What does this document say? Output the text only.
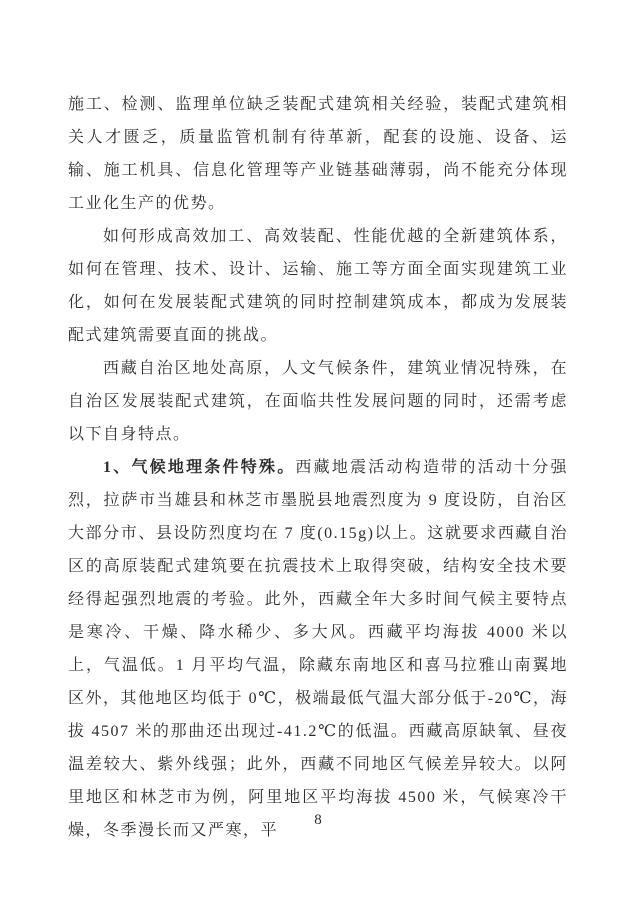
施工、检测、监理单位缺乏装配式建筑相关经验，装配式建筑相关人才匮乏，质量监管机制有待革新，配套的设施、设备、运输、施工机具、信息化管理等产业链基础薄弱，尚不能充分体现工业化生产的优势。

如何形成高效加工、高效装配、性能优越的全新建筑体系，如何在管理、技术、设计、运输、施工等方面全面实现建筑工业化，如何在发展装配式建筑的同时控制建筑成本，都成为发展装配式建筑需要直面的挑战。

西藏自治区地处高原，人文气候条件，建筑业情况特殊，在自治区发展装配式建筑，在面临共性发展问题的同时，还需考虑以下自身特点。

1、气候地理条件特殊。西藏地震活动构造带的活动十分强烈，拉萨市当雄县和林芝市墨脱县地震烈度为 9 度设防，自治区大部分市、县设防烈度均在 7 度(0.15g)以上。这就要求西藏自治区的高原装配式建筑要在抗震技术上取得突破，结构安全技术要经得起强烈地震的考验。此外，西藏全年大多时间气候主要特点是寒冷、干燥、降水稀少、多大风。西藏平均海拔 4000 米以上，气温低。1 月平均气温，除藏东南地区和喜马拉雅山南翼地区外，其他地区均低于 0℃，极端最低气温大部分低于-20℃，海拔 4507 米的那曲还出现过-41.2℃的低温。西藏高原缺氧、昼夜温差较大、紫外线强；此外，西藏不同地区气候差异较大。以阿里地区和林芝市为例，阿里地区平均海拔 4500 米，气候寒冷干燥，冬季漫长而又严寒，平

8
